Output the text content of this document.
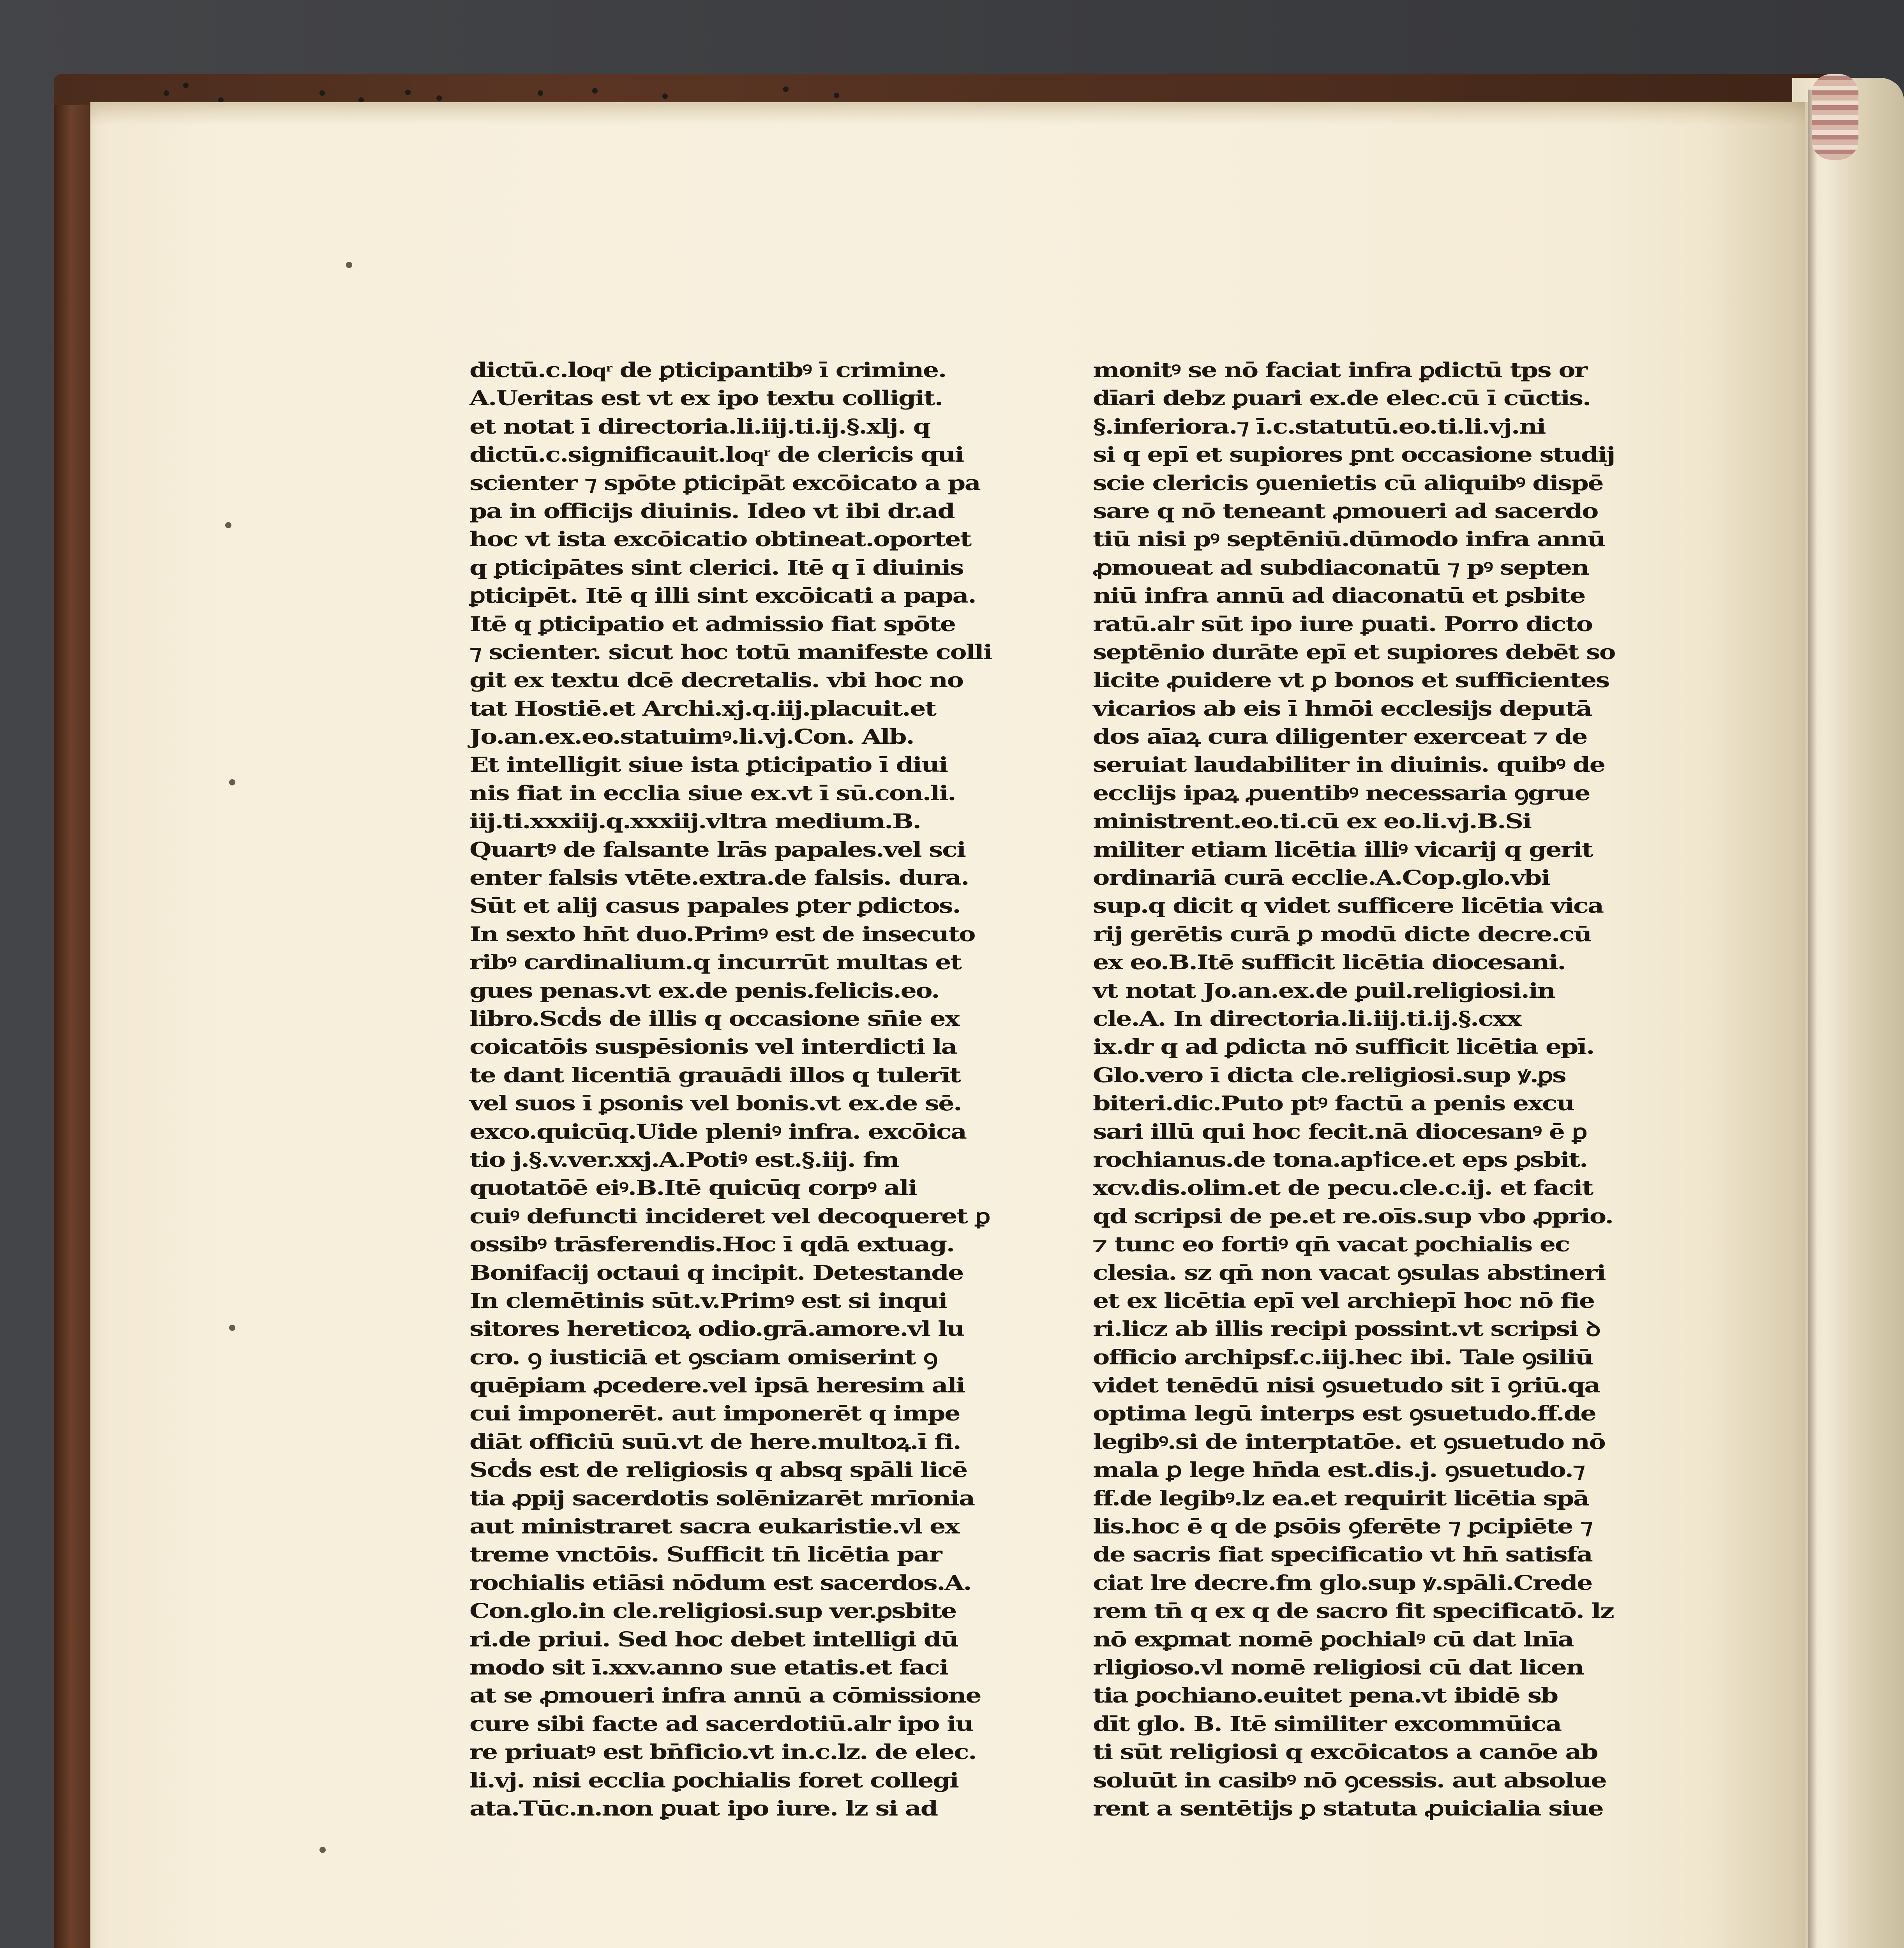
dictū.c.loqͬ de ꝑticipantibꝰ ī crimine.
A.Ueritas est vt ex ipo textu colligit.
et notat ī directoria.li.iij.ti.ij.§.xlj. q
dictū.c.significauit.loqͬ de clericis qui
scienter ⁊ spōte ꝑticipāt excōicato a pa
pa in officijs diuinis. Ideo vt ibi dr.ad
hoc vt ista excōicatio obtineat.oportet
q ꝑticipātes sint clerici. Itē q ī diuinis
ꝑticipēt. Itē q illi sint excōicati a papa.
Itē q ꝑticipatio et admissio fiat spōte
⁊ scienter. sicut hoc totū manifeste colli
git ex textu dcē decretalis. vbi hoc no
tat Hostiē.et Archi.xj.q.iij.placuit.et
Jo.an.ex.eo.statuimꝰ.li.vj.Con. Alb.
Et intelligit siue ista ꝑticipatio ī diui
nis fiat in ecclia siue ex.vt ī sū.con.li.
iij.ti.xxxiij.q.xxxiij.vltra medium.B.
Quartꝰ de falsante lrās papales.vel sci
enter falsis vtēte.extra.de falsis. dura.
Sūt et alij casus papales ꝑter ꝑdictos.
In sexto hn̄t duo.Primꝰ est de insecuto
ribꝰ cardinalium.q incurrūt multas et
gues penas.vt ex.de penis.felicis.eo.
libro.Scḋs de illis q occasione sn̄ie ex
coicatōis suspēsionis vel interdicti la
te dant licentiā grauādi illos q tulerīt
vel suos ī ꝑsonis vel bonis.vt ex.de sē.
exco.quicūq.Uide pleniꝰ infra. excōica
tio j.§.v.ver.xxj.A.Potiꝰ est.§.iij. fm
quotatōē eiꝰ.B.Itē quicūq corpꝰ ali
cuiꝰ defuncti incideret vel decoqueret ꝑ
ossibꝰ trāsferendis.Hoc ī qdā extuag.
Bonifacij octaui q incipit. Detestande
In clemētinis sūt.v.Primꝰ est si inqui
sitores hereticoꝝ odio.grā.amore.vl lu
cro. ꝯ iusticiā et ꝯsciam omiserint ꝯ
quēpiam ꝓcedere.vel ipsā heresim ali
cui imponerēt. aut imponerēt q impe
diāt officiū suū.vt de here.multoꝝ.ī fi.
Scḋs est de religiosis q absq spāli licē
tia ꝓpij sacerdotis solēnizarēt mrīonia
aut ministraret sacra eukaristie.vl ex
treme vnctōis. Sufficit tn̄ licētia par
rochialis etiāsi nōdum est sacerdos.A.
Con.glo.in cle.religiosi.sup ver.ꝑsbite
ri.de priui. Sed hoc debet intelligi dū
modo sit ī.xxv.anno sue etatis.et faci
at se ꝓmoueri infra annū a cōmissione
cure sibi facte ad sacerdotiū.alr ipo iu
re priuatꝰ est bn̄ficio.vt in.c.lz. de elec.
li.vj. nisi ecclia ꝑochialis foret collegi
ata.Tūc.n.non ꝑuat ipo iure. lz si ad
monitꝰ se nō faciat infra ꝑdictū tps or
dīari debz ꝑuari ex.de elec.cū ī cūctis.
§.inferiora.⁊ ī.c.statutū.eo.ti.li.vj.ni
si q epī et supiores ꝑnt occasione studij
scie clericis ꝯuenietis cū aliquibꝰ dispē
sare q nō teneant ꝓmoueri ad sacerdo
tiū nisi pꝰ septēniū.dūmodo infra annū
ꝓmoueat ad subdiaconatū ⁊ pꝰ septen
niū infra annū ad diaconatū et ꝑsbite
ratū.alr sūt ipo iure ꝑuati. Porro dicto
septēnio durāte epī et supiores debēt so
licite ꝓuidere vt ꝑ bonos et sufficientes
vicarios ab eis ī hmōi ecclesijs deputā
dos aīaꝝ cura diligenter exerceat ⁊ de
seruiat laudabiliter in diuinis. quibꝰ de
ecclijs ipaꝝ ꝓuentibꝰ necessaria ꝯgrue
ministrent.eo.ti.cū ex eo.li.vj.B.Si
militer etiam licētia illiꝰ vicarij q gerit
ordinariā curā ecclie.A.Cop.glo.vbi
sup.q dicit q videt sufficere licētia vica
rij gerētis curā ꝑ modū dicte decre.cū
ex eo.B.Itē sufficit licētia diocesani.
vt notat Jo.an.ex.de ꝑuil.religiosi.in
cle.A. In directoria.li.iij.ti.ij.§.cxx
ix.dr q ad ꝑdicta nō sufficit licētia epī.
Glo.vero ī dicta cle.religiosi.sup ꝟ.ꝑs
biteri.dic.Puto ptꝰ factū a penis excu
sari illū qui hoc fecit.nā diocesanꝰ ē ꝑ
rochianus.de tona.apꝉice.et eps ꝑsbit.
xcv.dis.olim.et de pecu.cle.c.ij. et facit
qd scripsi de pe.et re.oīs.sup vbo ꝓprio.
⁊ tunc eo fortiꝰ qn̄ vacat ꝑochialis ec
clesia. sz qn̄ non vacat ꝯsulas abstineri
et ex licētia epī vel archiepī hoc nō fie
ri.licz ab illis recipi possint.vt scripsi ꝺ
officio archipsf.c.iij.hec ibi. Tale ꝯsiliū
videt tenēdū nisi ꝯsuetudo sit ī ꝯriū.qa
optima legū interps est ꝯsuetudo.ff.de
legibꝰ.si de interptatōe. et ꝯsuetudo nō
mala ꝑ lege hn̄da est.dis.j. ꝯsuetudo.⁊
ff.de legibꝰ.lz ea.et requirit licētia spā
lis.hoc ē q de ꝑsōis ꝯferēte ⁊ ꝑcipiēte ⁊
de sacris fiat specificatio vt hn̄ satisfa
ciat lre decre.fm glo.sup ꝟ.spāli.Crede
rem tn̄ q ex q de sacro fit specificatō. lz
nō exꝑmat nomē ꝑochialꝰ cū dat lnīa
rligioso.vl nomē religiosi cū dat licen
tia ꝑochiano.euitet pena.vt ibidē sb
dīt glo. B. Itē similiter excommūica
ti sūt religiosi q excōicatos a canōe ab
soluūt in casibꝰ nō ꝯcessis. aut absolue
rent a sentētijs ꝑ statuta ꝓuicialia siue
